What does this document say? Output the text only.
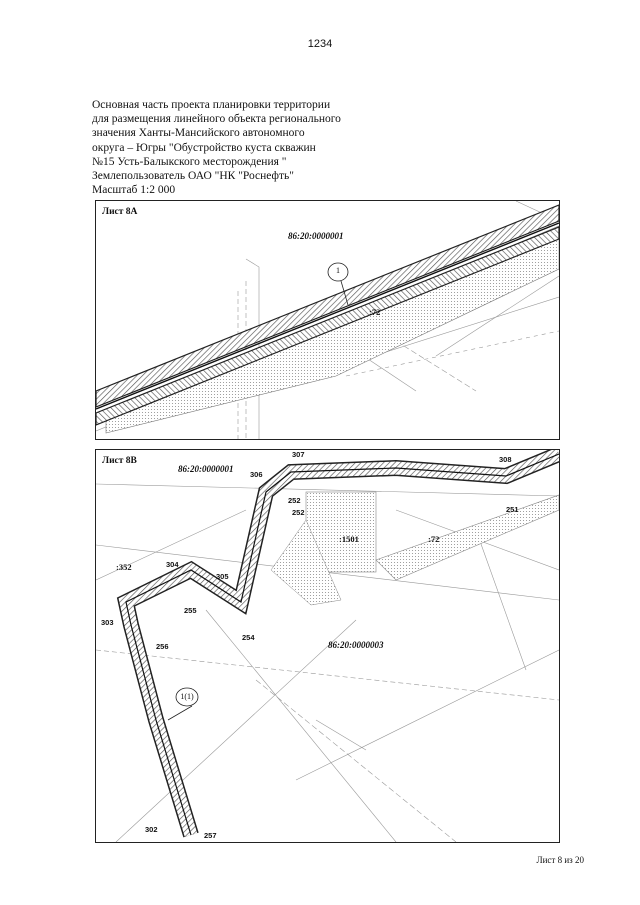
1234
Основная часть проекта планировки территории
для размещения линейного объекта регионального
значения Ханты-Мансийского автономного
округа – Югры "Обустройство куста скважин
№15 Усть-Балыкского месторождения "
Землепользователь ОАО "НК "Роснефть"
Масштаб 1:2 000
Лист 8А
86:20:0000001
:72
1
Лист 8В
86:20:0000001
86:20:0000003
:1501	:72
:352
1(1)
307
306
308
252
252	251
304
305
255
303
256
254
302
257
Лист 8 из 20
